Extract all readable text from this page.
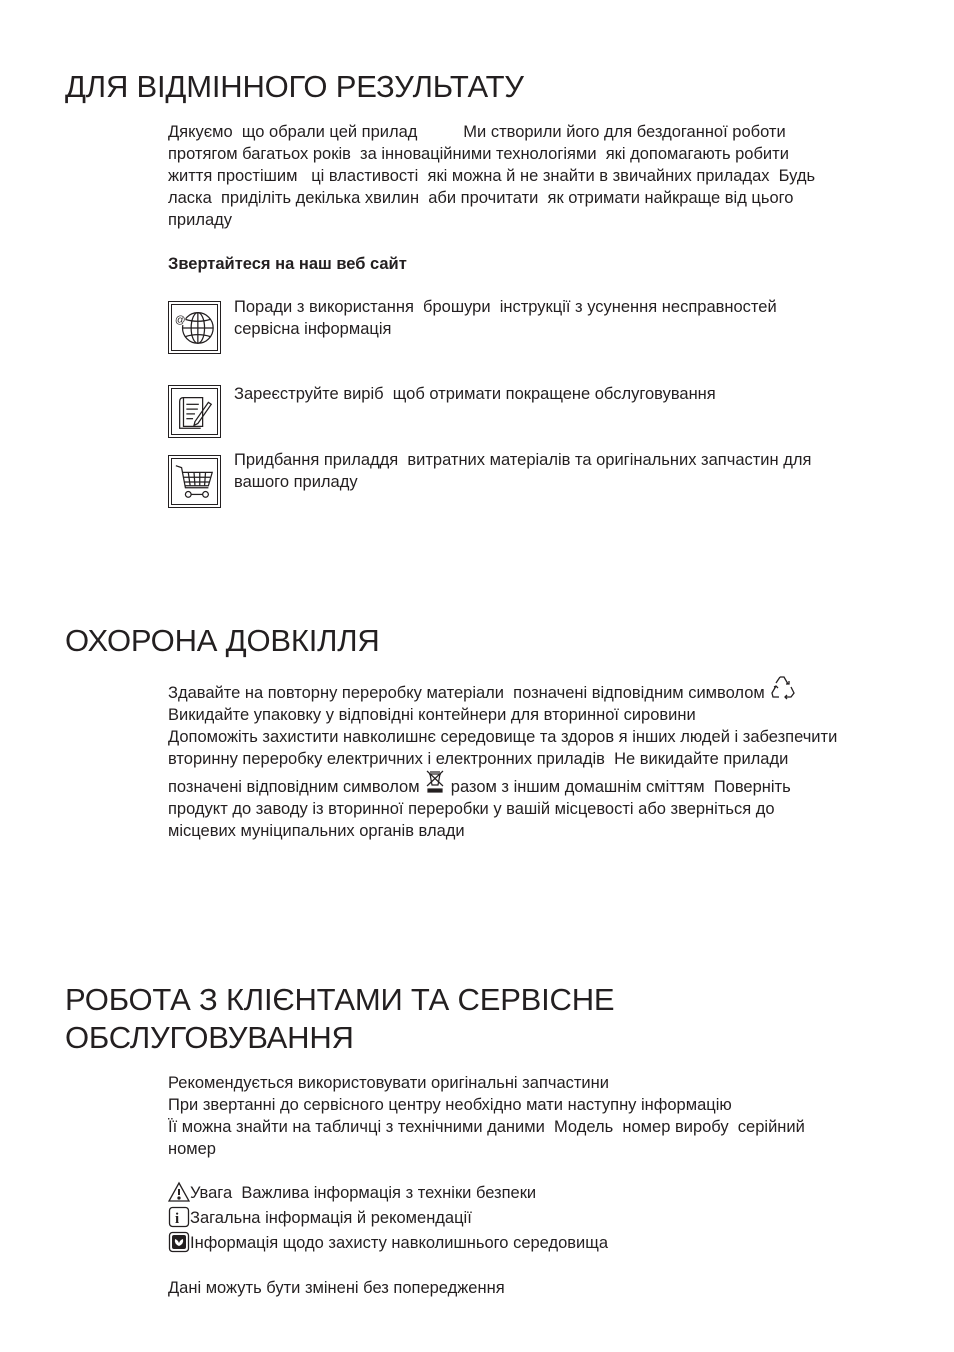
ДЛЯ ВІДМІННОГО РЕЗУЛЬТАТУ
Дякуємо  що обрали цей прилад          Ми створили його для бездоганної роботи
протягом багатьох років  за інноваційними технологіями  які допомагають робити
життя простішим   ці властивості  які можна й не знайти в звичайних приладах  Будь
ласка  приділіть декілька хвилин  аби прочитати  як отримати найкраще від цього
приладу
Звертайтеся на наш веб сайт
@
Поради з використання  брошури  інструкції з усунення несправностей
сервісна інформація
Зареєструйте виріб  щоб отримати покращене обслуговування
Придбання приладдя  витратних матеріалів та оригінальних запчастин для
вашого приладу
ОХОРОНА ДОВКІЛЛЯ
Здавайте на повторну переробку матеріали  позначені відповідним символом
Викидайте упаковку у відповідні контейнери для вторинної сировини
Допоможіть захистити навколишнє середовище та здоров я інших людей і забезпечити
вторинну переробку електричних і електронних приладів  Не викидайте прилади
позначені відповідним символом разом з іншим домашнім сміттям  Поверніть
продукт до заводу із вторинної переробки у вашій місцевості або зверніться до
місцевих муніципальних органів влади
РОБОТА З КЛІЄНТАМИ ТА СЕРВІСНЕ
ОБСЛУГОВУВАННЯ
Рекомендується використовувати оригінальні запчастини
При звертанні до сервісного центру необхідно мати наступну інформацію
Її можна знайти на табличці з технічними даними  Модель  номер виробу  серійний
номер
Увага  Важлива інформація з техніки безпеки
i Загальна інформація й рекомендації
Інформація щодо захисту навколишнього середовища
Дані можуть бути змінені без попередження
